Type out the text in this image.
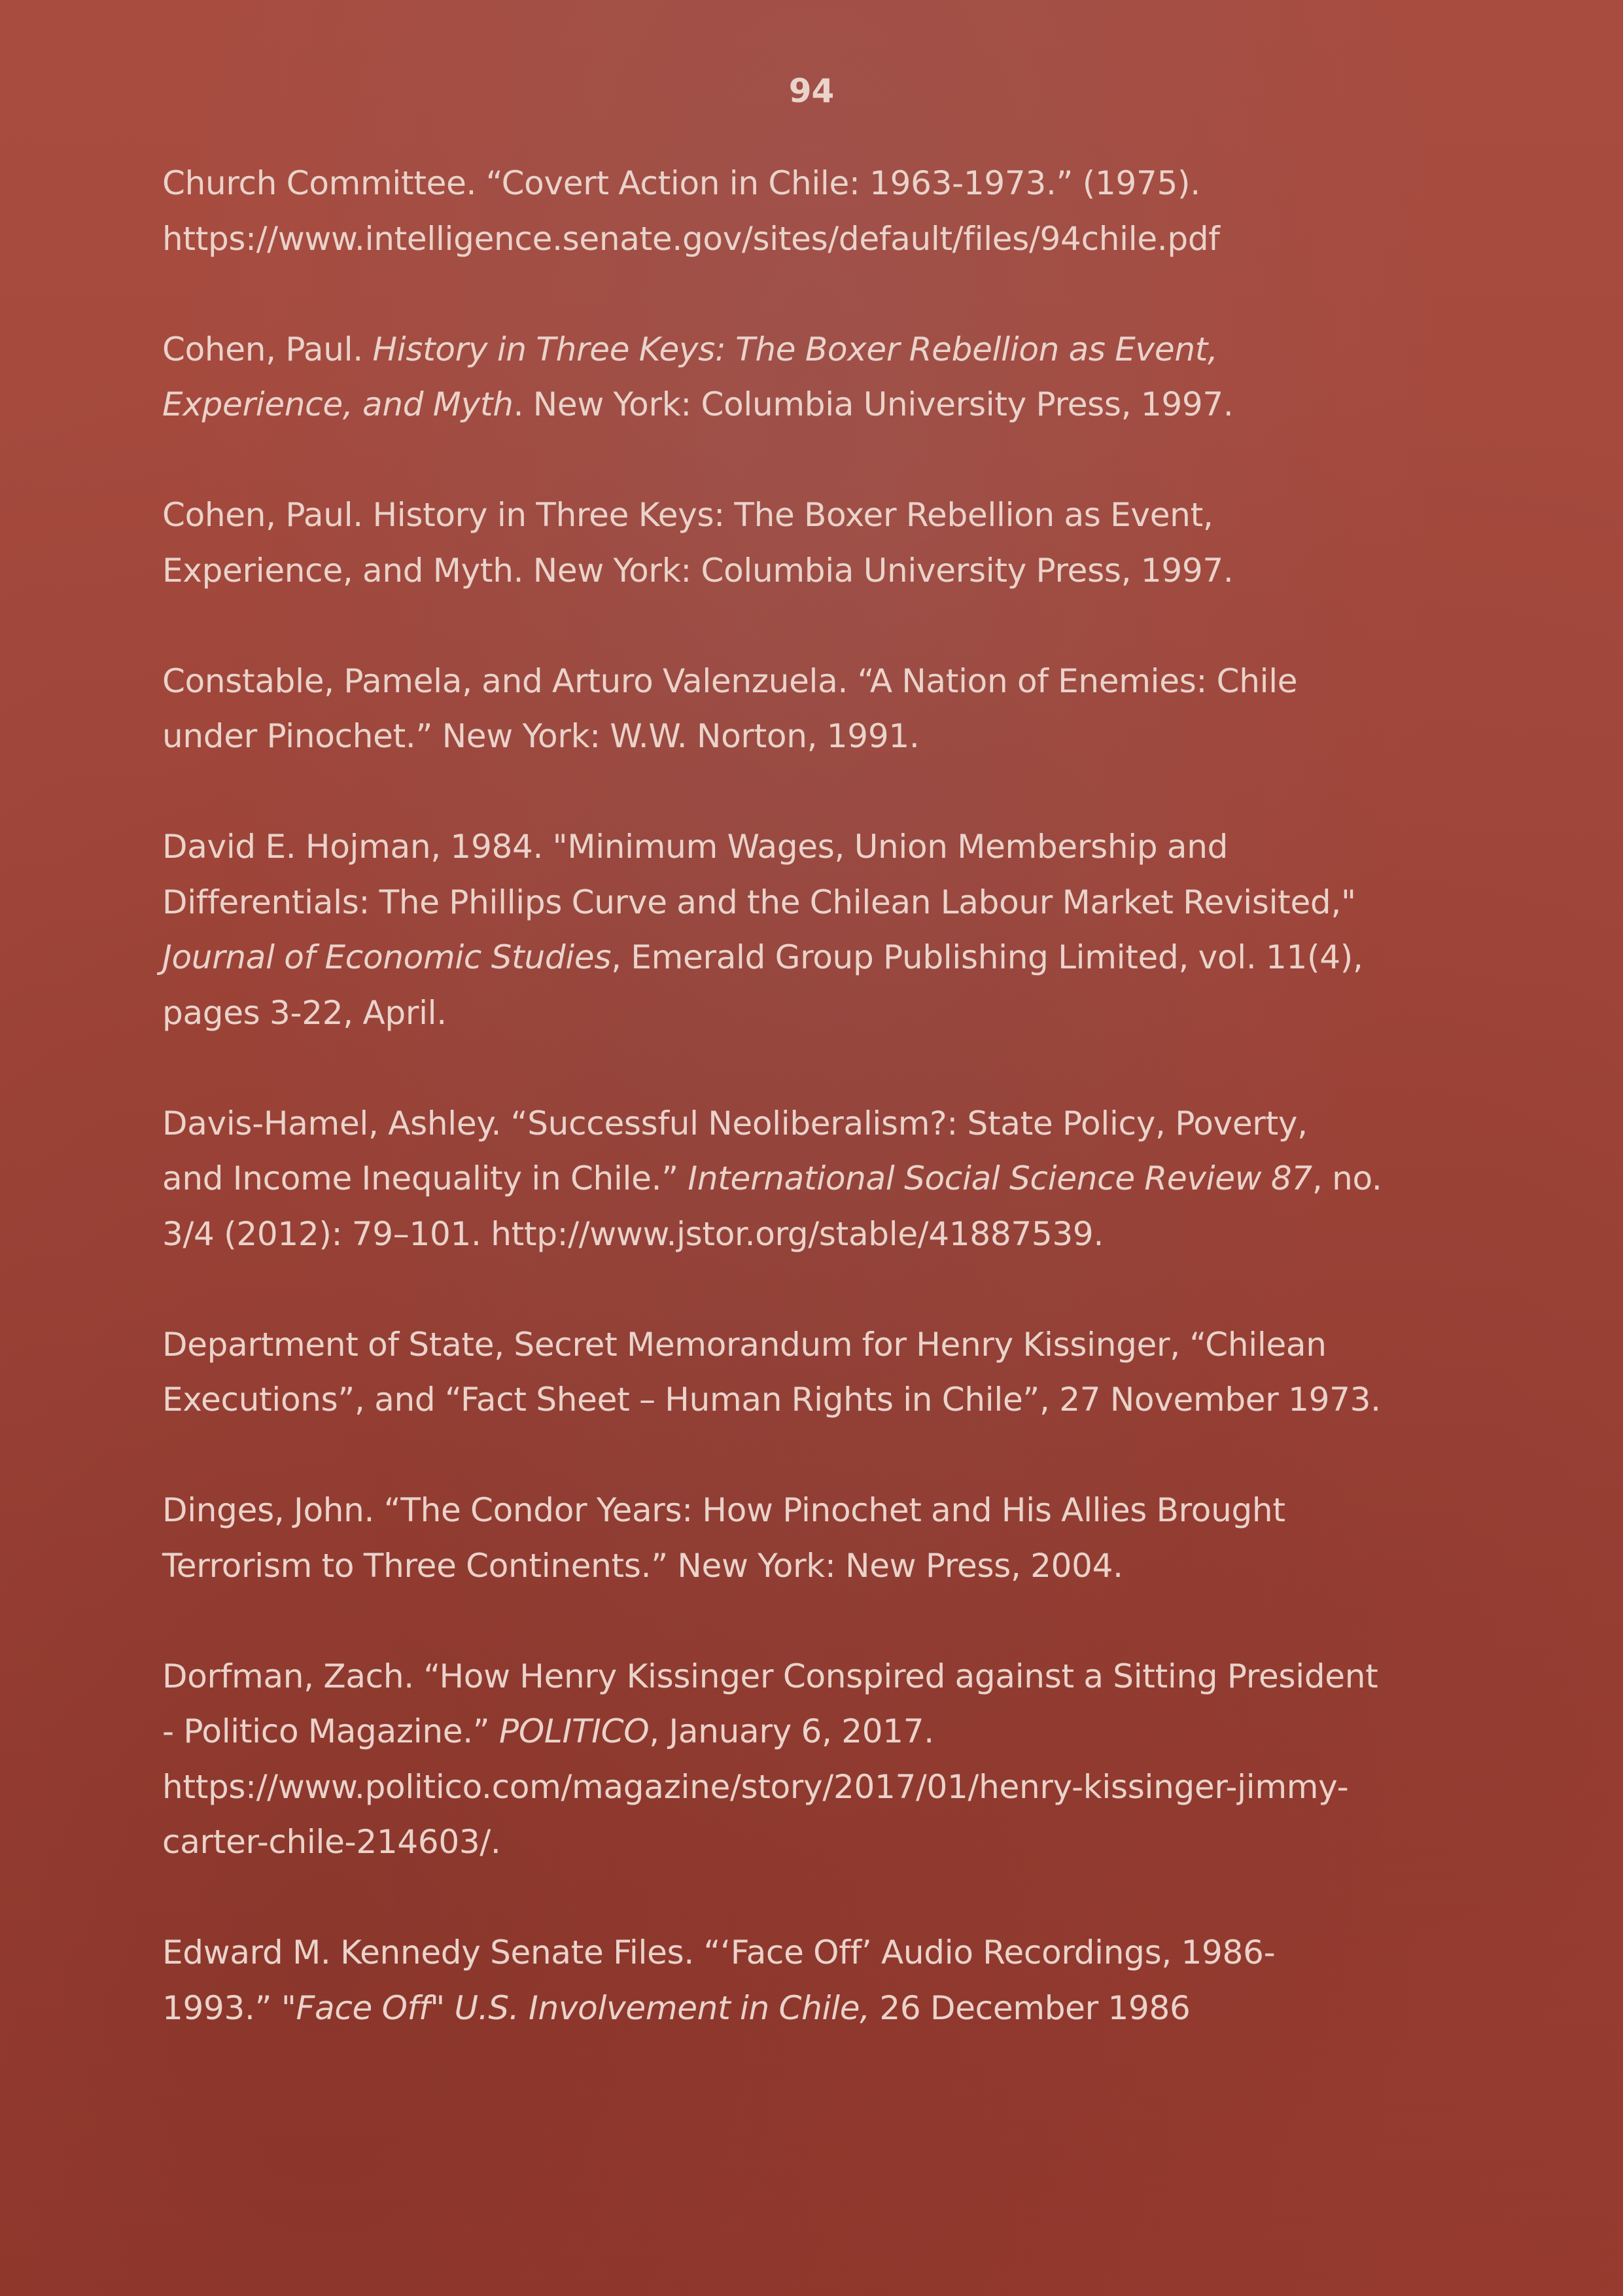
94
Church Committee. “Covert Action in Chile: 1963-1973.” (1975).
https://www.intelligence.senate.gov/sites/default/files/94chile.pdf
Cohen, Paul. History in Three Keys: The Boxer Rebellion as Event,
Experience, and Myth. New York: Columbia University Press, 1997.
Cohen, Paul. History in Three Keys: The Boxer Rebellion as Event,
Experience, and Myth. New York: Columbia University Press, 1997.
Constable, Pamela, and Arturo Valenzuela. “A Nation of Enemies: Chile
under Pinochet.” New York: W.W. Norton, 1991.
David E. Hojman, 1984. "Minimum Wages, Union Membership and
Differentials: The Phillips Curve and the Chilean Labour Market Revisited,"
Journal of Economic Studies, Emerald Group Publishing Limited, vol. 11(4),
pages 3-22, April.
Davis-Hamel, Ashley. “Successful Neoliberalism?: State Policy, Poverty,
and Income Inequality in Chile.” International Social Science Review 87, no.
3/4 (2012): 79–101. http://www.jstor.org/stable/41887539.
Department of State, Secret Memorandum for Henry Kissinger, “Chilean
Executions”, and “Fact Sheet – Human Rights in Chile”, 27 November 1973.
Dinges, John. “The Condor Years: How Pinochet and His Allies Brought
Terrorism to Three Continents.” New York: New Press, 2004.
Dorfman, Zach. “How Henry Kissinger Conspired against a Sitting President
- Politico Magazine.” POLITICO, January 6, 2017.
https://www.politico.com/magazine/story/2017/01/henry-kissinger-jimmy-
carter-chile-214603/.
Edward M. Kennedy Senate Files. “‘Face Off’ Audio Recordings, 1986-
1993.” "Face Off" U.S. Involvement in Chile, 26 December 1986
